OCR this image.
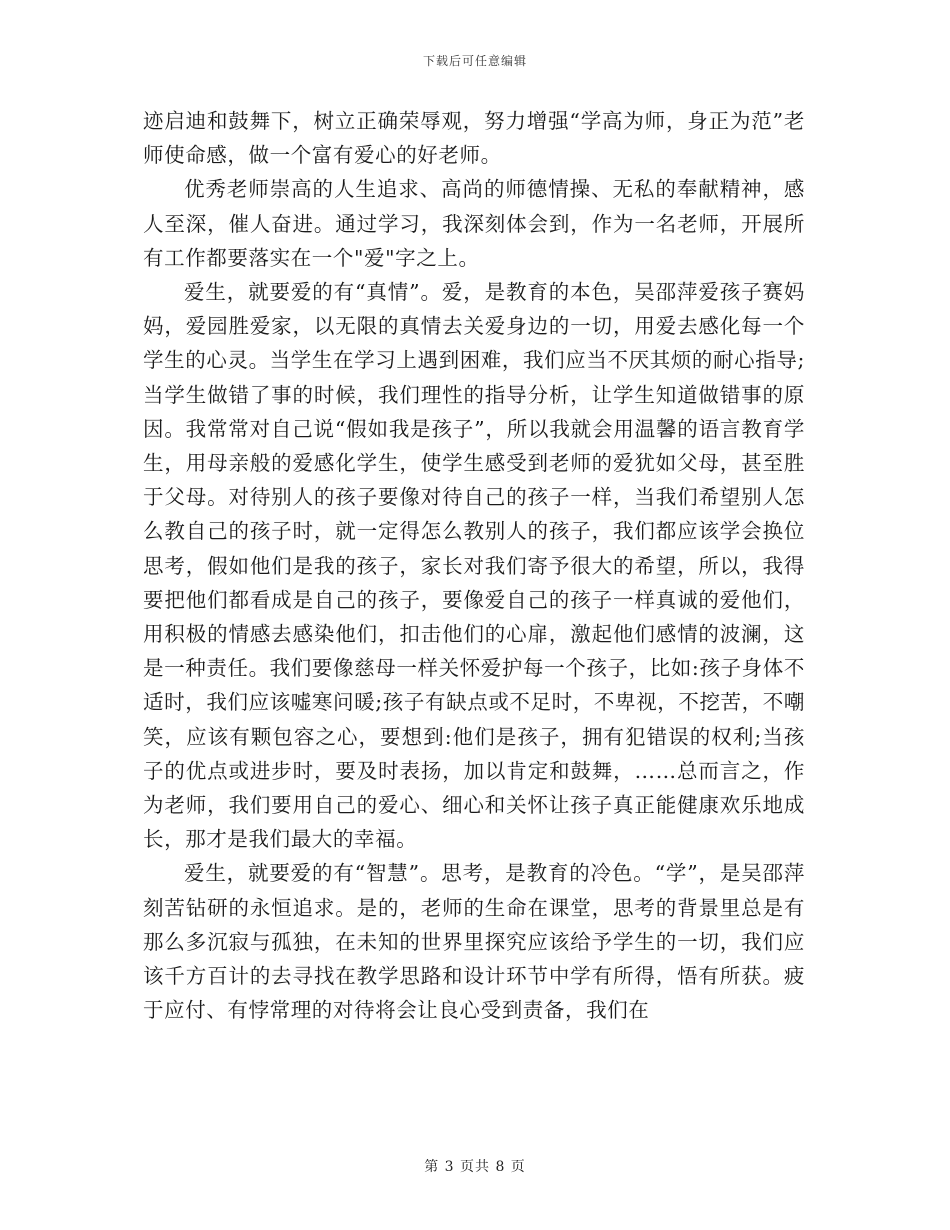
下载后可任意编辑

迹启迪和鼓舞下，树立正确荣辱观，努力增强“学高为师，身正为范”老师使命感，做一个富有爱心的好老师。

优秀老师崇高的人生追求、高尚的师德情操、无私的奉献精神，感人至深，催人奋进。通过学习，我深刻体会到，作为一名老师，开展所有工作都要落实在一个"爱"字之上。

爱生，就要爱的有“真情”。爱，是教育的本色，吴邵萍爱孩子赛妈妈，爱园胜爱家，以无限的真情去关爱身边的一切，用爱去感化每一个学生的心灵。当学生在学习上遇到困难，我们应当不厌其烦的耐心指导;当学生做错了事的时候，我们理性的指导分析，让学生知道做错事的原因。我常常对自己说“假如我是孩子”，所以我就会用温馨的语言教育学生，用母亲般的爱感化学生，使学生感受到老师的爱犹如父母，甚至胜于父母。对待别人的孩子要像对待自己的孩子一样，当我们希望别人怎么教自己的孩子时，就一定得怎么教别人的孩子，我们都应该学会换位思考，假如他们是我的孩子，家长对我们寄予很大的希望，所以，我得要把他们都看成是自己的孩子，要像爱自己的孩子一样真诚的爱他们，用积极的情感去感染他们，扣击他们的心扉，激起他们感情的波澜，这是一种责任。我们要像慈母一样关怀爱护每一个孩子，比如:孩子身体不适时，我们应该嘘寒问暖;孩子有缺点或不足时，不卑视，不挖苦，不嘲笑，应该有颗包容之心，要想到:他们是孩子，拥有犯错误的权利;当孩子的优点或进步时，要及时表扬，加以肯定和鼓舞，……总而言之，作为老师，我们要用自己的爱心、细心和关怀让孩子真正能健康欢乐地成长，那才是我们最大的幸福。

爱生，就要爱的有“智慧”。思考，是教育的冷色。“学”，是吴邵萍刻苦钻研的永恒追求。是的，老师的生命在课堂，思考的背景里总是有那么多沉寂与孤独，在未知的世界里探究应该给予学生的一切，我们应该千方百计的去寻找在教学思路和设计环节中学有所得，悟有所获。疲于应付、有悖常理的对待将会让良心受到责备，我们在

第 3 页共 8 页
